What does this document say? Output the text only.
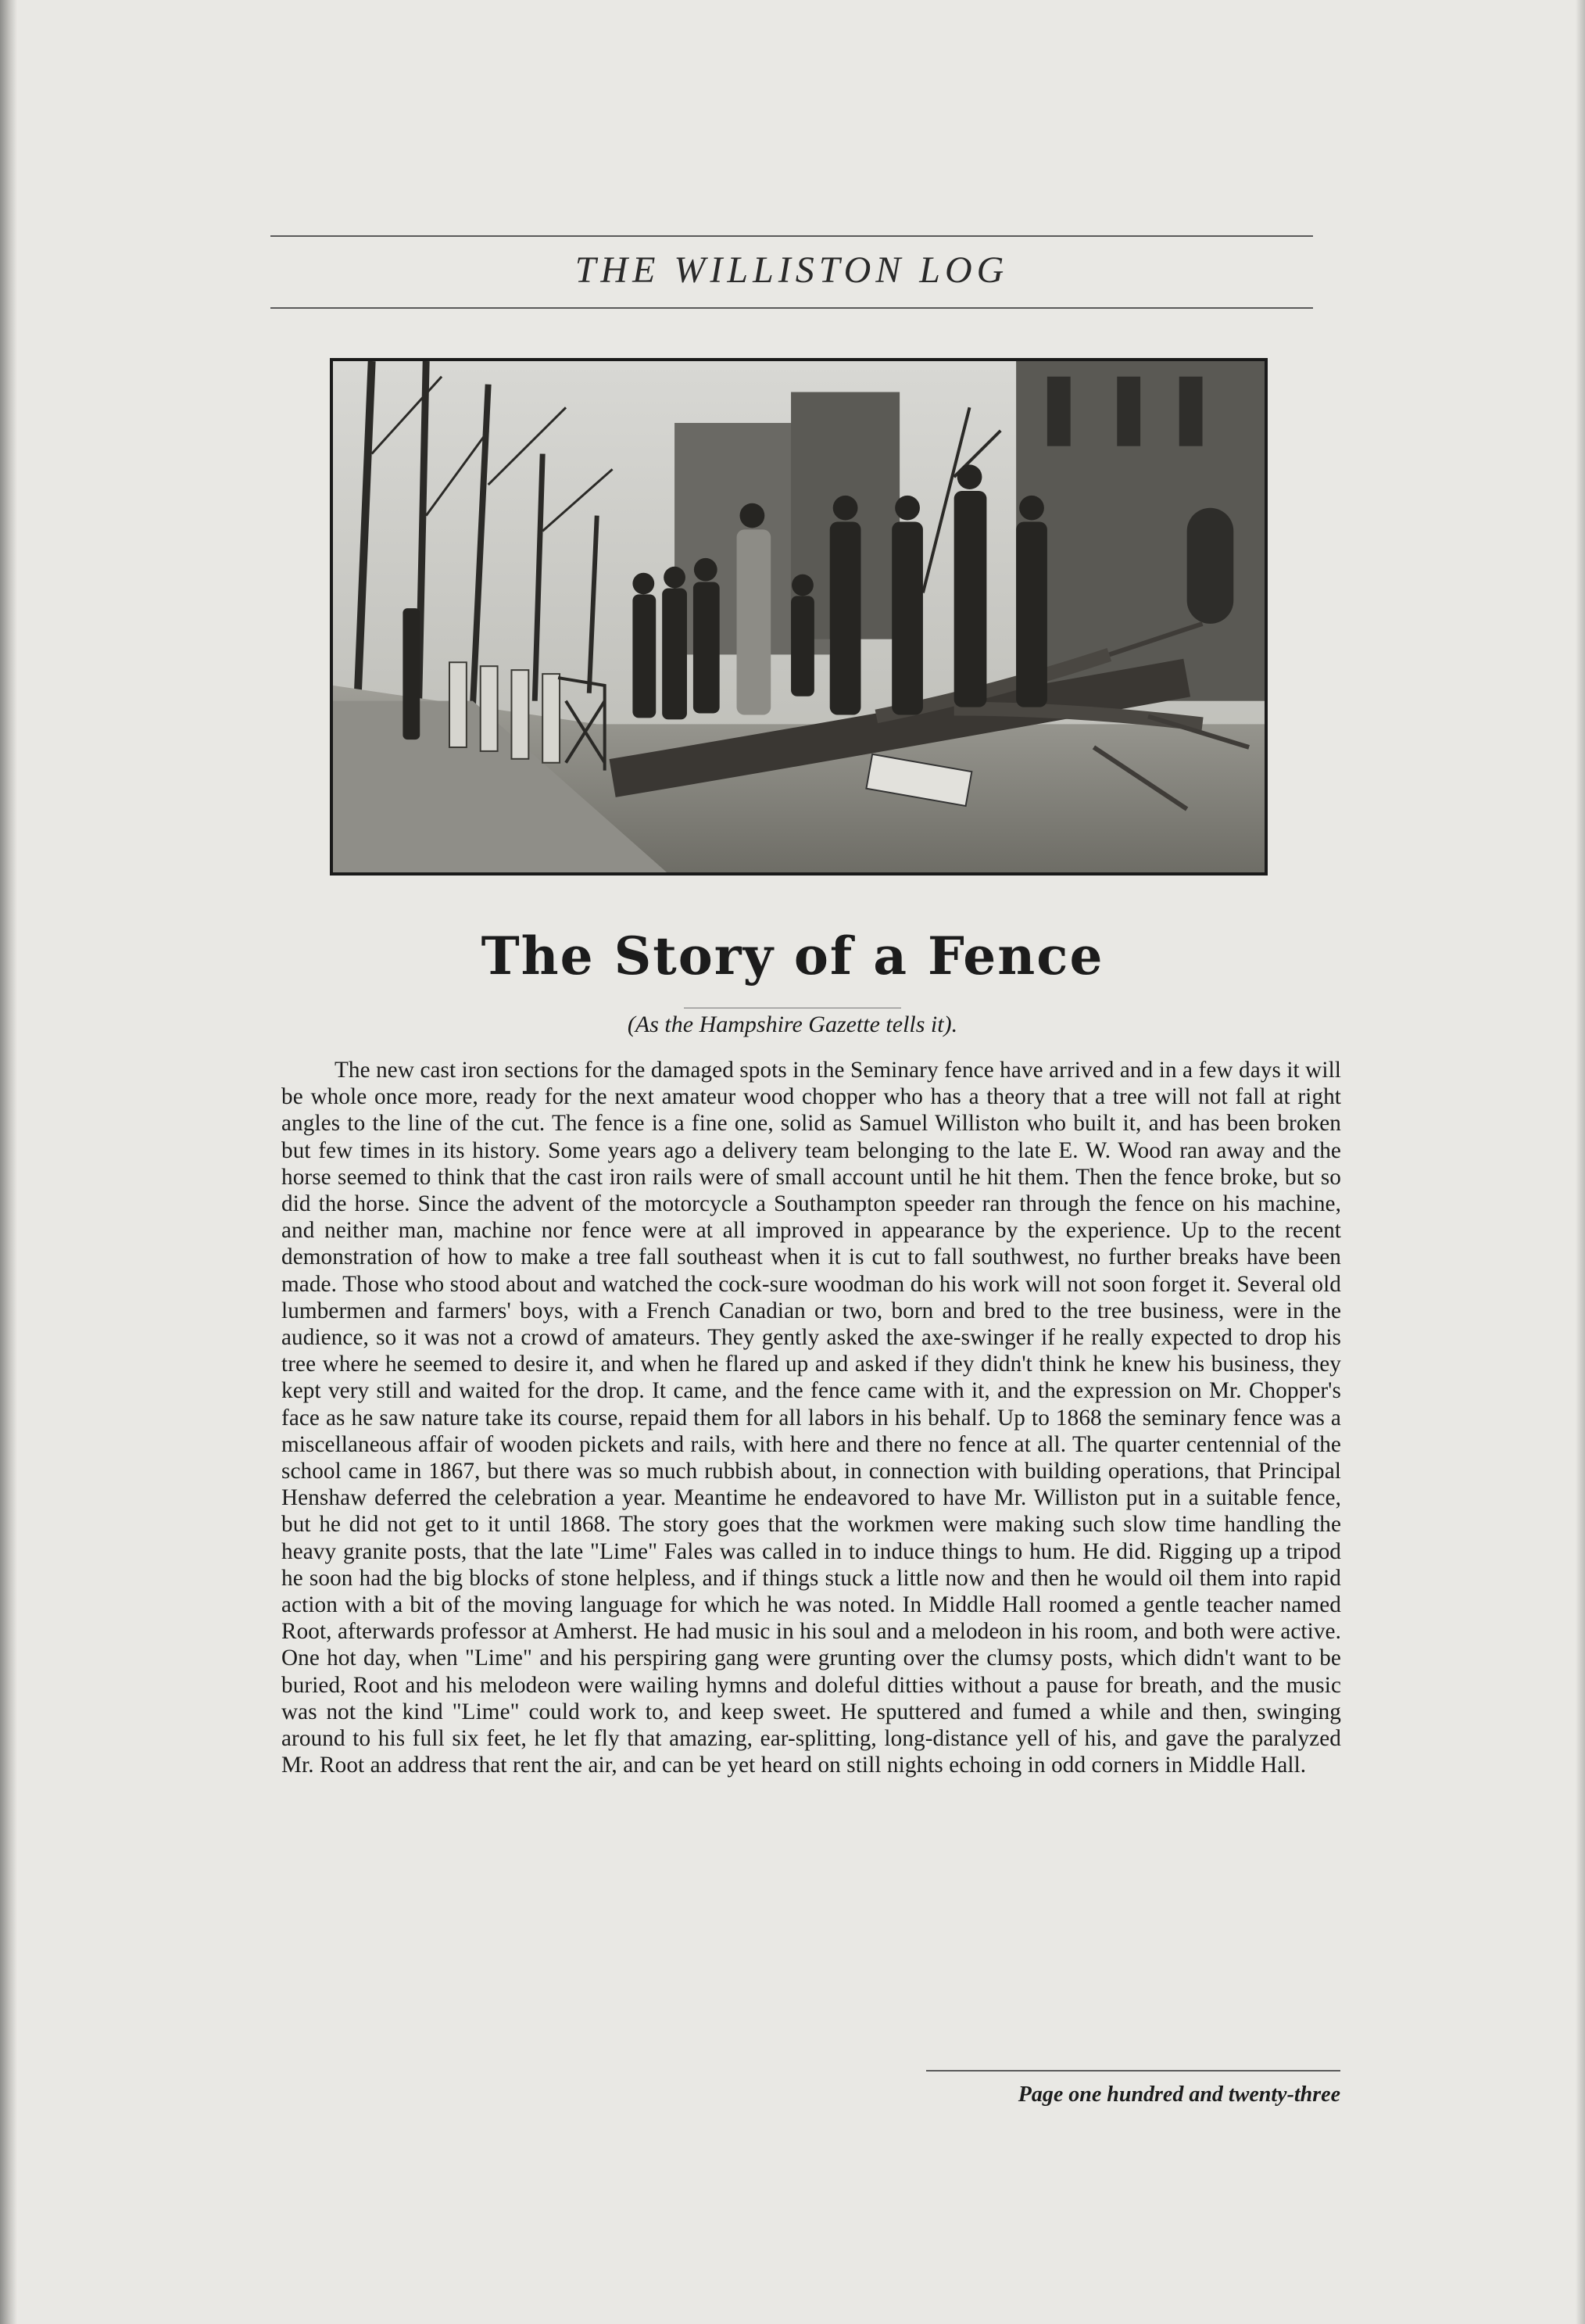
THE WILLISTON LOG
The Story of a Fence
(As the Hampshire Gazette tells it).

The new cast iron sections for the damaged spots in the Seminary fence have arrived and in a few days it will be whole once more, ready for the next amateur wood chopper who has a theory that a tree will not fall at right angles to the line of the cut. The fence is a fine one, solid as Samuel Williston who built it, and has been broken but few times in its history. Some years ago a delivery team belonging to the late E. W. Wood ran away and the horse seemed to think that the cast iron rails were of small account until he hit them. Then the fence broke, but so did the horse. Since the advent of the motorcycle a Southampton speeder ran through the fence on his machine, and neither man, machine nor fence were at all improved in appearance by the experience. Up to the recent demonstration of how to make a tree fall southeast when it is cut to fall southwest, no further breaks have been made. Those who stood about and watched the cock-sure woodman do his work will not soon forget it. Several old lumbermen and farmers' boys, with a French Canadian or two, born and bred to the tree business, were in the audience, so it was not a crowd of amateurs. They gently asked the axe-swinger if he really expected to drop his tree where he seemed to desire it, and when he flared up and asked if they didn't think he knew his business, they kept very still and waited for the drop. It came, and the fence came with it, and the expression on Mr. Chopper's face as he saw nature take its course, repaid them for all labors in his behalf. Up to 1868 the seminary fence was a miscellaneous affair of wooden pickets and rails, with here and there no fence at all. The quarter centennial of the school came in 1867, but there was so much rubbish about, in connection with building operations, that Principal Henshaw deferred the celebration a year. Meantime he endeavored to have Mr. Williston put in a suitable fence, but he did not get to it until 1868. The story goes that the workmen were making such slow time handling the heavy granite posts, that the late "Lime" Fales was called in to induce things to hum. He did. Rigging up a tripod he soon had the big blocks of stone helpless, and if things stuck a little now and then he would oil them into rapid action with a bit of the moving language for which he was noted. In Middle Hall roomed a gentle teacher named Root, afterwards professor at Amherst. He had music in his soul and a melodeon in his room, and both were active. One hot day, when "Lime" and his perspiring gang were grunting over the clumsy posts, which didn't want to be buried, Root and his melodeon were wailing hymns and doleful ditties without a pause for breath, and the music was not the kind "Lime" could work to, and keep sweet. He sputtered and fumed a while and then, swinging around to his full six feet, he let fly that amazing, ear-splitting, long-distance yell of his, and gave the paralyzed Mr. Root an address that rent the air, and can be yet heard on still nights echoing in odd corners in Middle Hall.

Page one hundred and twenty-three
